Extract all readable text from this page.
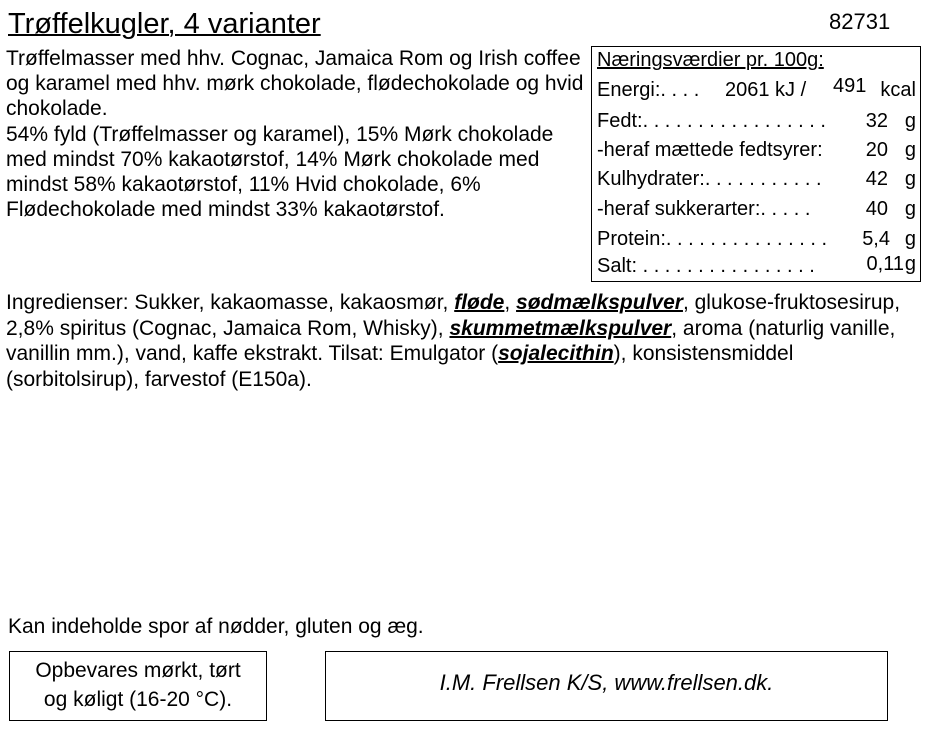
Trøffelkugler, 4 varianter	82731

Trøffelmasser med hhv. Cognac, Jamaica Rom og Irish coffee og karamel med hhv. mørk chokolade, flødechokolade og hvid chokolade.

54% fyld (Trøffelmasser og karamel), 15% Mørk chokolade med mindst 70% kakaotørstof, 14% Mørk chokolade med mindst 58% kakaotørstof, 11% Hvid chokolade, 6% Flødechokolade med mindst 33% kakaotørstof.

Næringsværdier pr. 100g:
Energi:. . . . 2061 kJ / 491 kcal
Fedt:. . . . . . . . . . . . . . . . . 32 g
-heraf mættede fedtsyrer: 20 g
Kulhydrater:. . . . . . . . . . . 42 g
-heraf sukkerarter:. . . . .	40 g
Protein:. . . . . . . . . . . . . . . 5,4 g
Salt: . . . . . . . . . . . . . . . .	0,11 g
Ingredienser: Sukker, kakaomasse, kakaosmør, fløde, sødmælkspulver, glukose-fruktosesirup, 2,8% spiritus (Cognac, Jamaica Rom, Whisky), skummetmælkspulver, aroma (naturlig vanille, vanillin mm.), vand, kaffe ekstrakt. Tilsat: Emulgator (sojalecithin), konsistensmiddel (sorbitolsirup), farvestof (E150a).
Kan indeholde spor af nødder, gluten og æg.
Opbevares mørkt, tørt
og køligt (16-20 °C).
I.M. Frellsen K/S, www.frellsen.dk.
